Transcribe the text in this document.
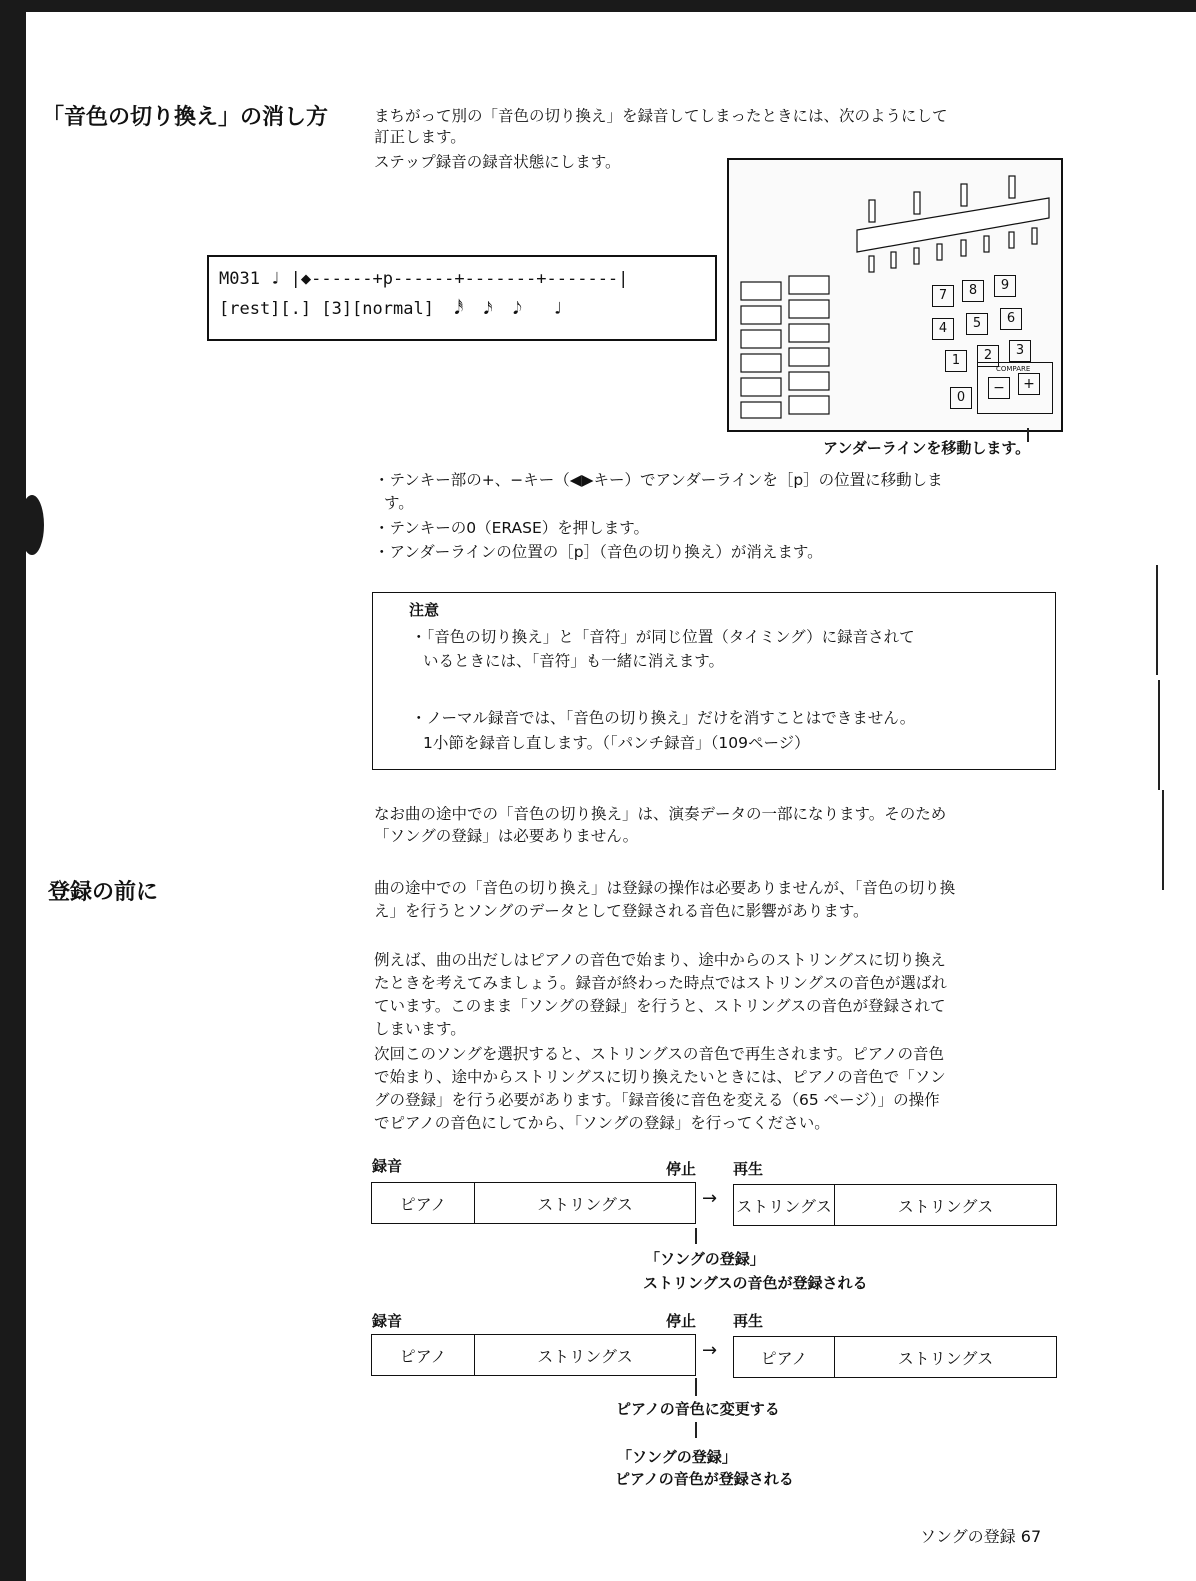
「音色の切り換え」の消し方	まちがって別の「音色の切り換え」を録音してしまったときには、次のようにして
訂正します。
ステップ録音の録音状態にします。
M031 ♩ |◆------+p------+-------+-------|
[rest][.] [3][normal]  𝅘𝅥𝅰  𝅘𝅥𝅯  𝅘𝅥𝅮   ♩
7	8	9
4	5	6
1	2	3
0
COMPARE
−	+
アンダーラインを移動します。
・テンキー部の+、−キー（◀▶キー）でアンダーラインを［p］の位置に移動しま
す。
・テンキーの0（ERASE）を押します。
・アンダーラインの位置の［p］（音色の切り換え）が消えます。
注意
・「音色の切り換え」と「音符」が同じ位置（タイミング）に録音されて
いるときには、「音符」も一緒に消えます。
・ノーマル録音では、「音色の切り換え」だけを消すことはできません。
1小節を録音し直します。（「パンチ録音」（109ページ）
なお曲の途中での「音色の切り換え」は、演奏データの一部になります。そのため
「ソングの登録」は必要ありません。
登録の前に	曲の途中での「音色の切り換え」は登録の操作は必要ありませんが、「音色の切り換
え」を行うとソングのデータとして登録される音色に影響があります。
例えば、曲の出だしはピアノの音色で始まり、途中からのストリングスに切り換え
たときを考えてみましょう。録音が終わった時点ではストリングスの音色が選ばれ
ています。このまま「ソングの登録」を行うと、ストリングスの音色が登録されて
しまいます。
次回このソングを選択すると、ストリングスの音色で再生されます。ピアノの音色
で始まり、途中からストリングスに切り換えたいときには、ピアノの音色で「ソン
グの登録」を行う必要があります。「録音後に音色を変える（65 ページ）」の操作
でピアノの音色にしてから、「ソングの登録」を行ってください。
録音	停止 再生
ピアノ	ストリングス	→ ストリングス	ストリングス
「ソングの登録」
ストリングスの音色が登録される
録音	停止 再生
ピアノ	ストリングス	→	ピアノ	ストリングス
ピアノの音色に変更する
「ソングの登録」
ピアノの音色が登録される
ソングの登録 67
